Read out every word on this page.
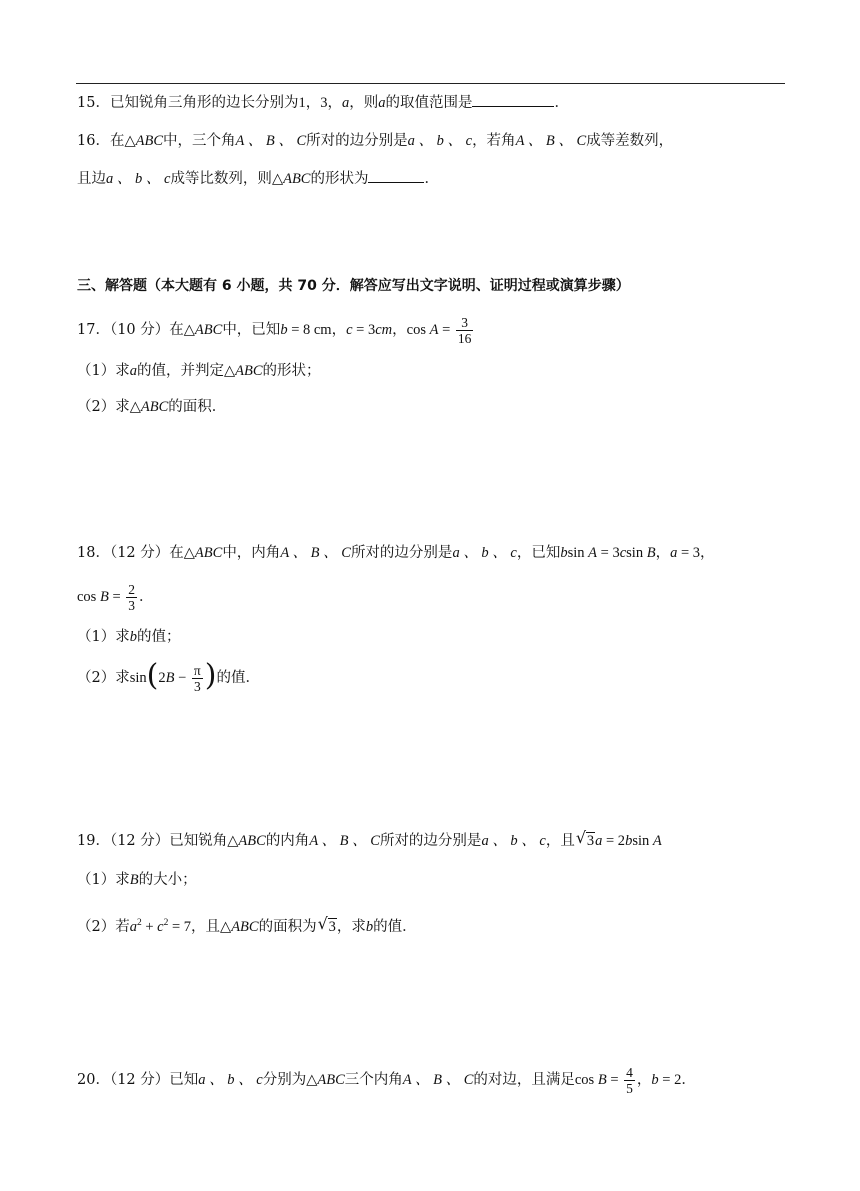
15．已知锐角三角形的边长分别为1，3，a，则a的取值范围是	．
16．在△ABC中，三个角A 、 B 、 C所对的边分别是a 、 b 、 c，若角A 、 B 、 C成等差数列，
且边a 、 b 、 c成等比数列，则△ABC的形状为	．
三、解答题（本大题有 6 小题，共 70 分．解答应写出文字说明、证明过程或演算步骤）
17．（10 分）在△ABC中，已知b = 8 cm，c = 3cm，$\cos A = \frac{3}{16}$
（1）求a的值，并判定△ABC的形状；
（2）求△ABC的面积．
18．（12 分）在△ABC中，内角A 、 B 、 C所对的边分别是a 、 b 、 c，已知bsin A = 3csin B，a = 3，
$\cos B = \frac{2}{3}$ ．
（1）求b的值；
（2）求$\sin(2B - \frac{\pi}{3}$ )的值．
19．（12 分）已知锐角△ABC的内角A 、 B 、 C所对的边分别是a 、 b 、 c，且 √ 3a = 2bsin A
（1）求B的大小；
（2）若$a^2 + c^2 = 7$，且△ABC的面积为 √ 3，求b的值．
20．（12 分）已知a 、 b 、 c分别为△ABC三个内角A 、 B 、 C的对边，且满足$\cos B = \frac{4}{5}$ ，b = 2．
